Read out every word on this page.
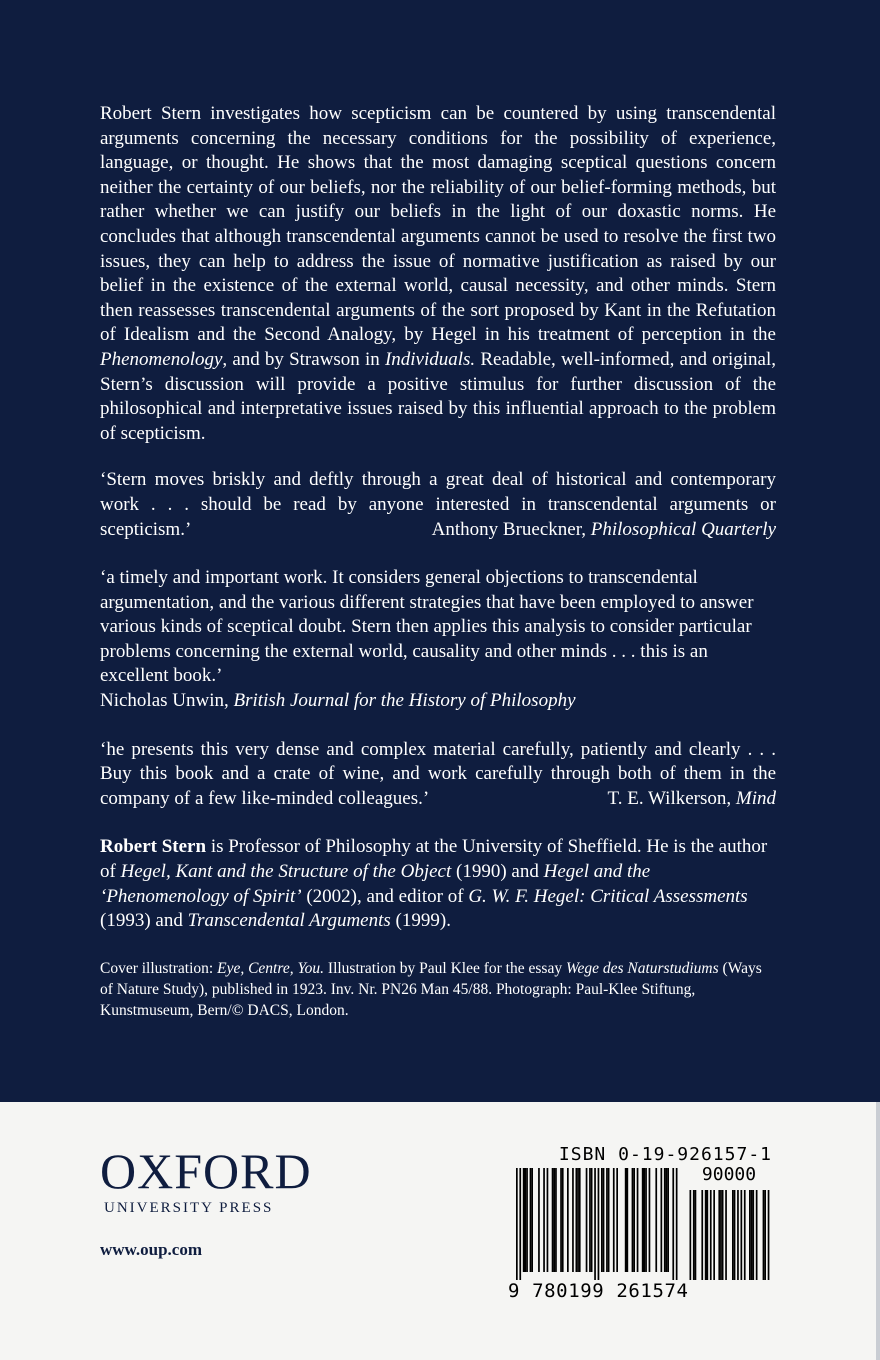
Robert Stern investigates how scepticism can be countered by using transcendental arguments concerning the necessary conditions for the possibility of experience, language, or thought. He shows that the most damaging sceptical questions concern neither the certainty of our beliefs, nor the reliability of our belief-forming methods, but rather whether we can justify our beliefs in the light of our doxastic norms. He concludes that although transcendental arguments cannot be used to resolve the first two issues, they can help to address the issue of normative justification as raised by our belief in the existence of the external world, causal necessity, and other minds. Stern then reassesses transcendental arguments of the sort proposed by Kant in the Refutation of Idealism and the Second Analogy, by Hegel in his treatment of perception in the Phenomenology, and by Strawson in Individuals. Readable, well-informed, and original, Stern’s discussion will provide a positive stimulus for further discussion of the philosophical and interpretative issues raised by this influential approach to the problem of scepticism.

‘Stern moves briskly and deftly through a great deal of historical and contemporary work . . . should be read by anyone interested in transcendental arguments or scepticism.’	Anthony Brueckner, Philosophical Quarterly

‘a timely and important work. It considers general objections to transcendental argumentation, and the various different strategies that have been employed to answer various kinds of sceptical doubt. Stern then applies this analysis to consider particular problems concerning the external world, causality and other minds . . . this is an excellent book.’

Nicholas Unwin, British Journal for the History of Philosophy

‘he presents this very dense and complex material carefully, patiently and clearly . . . Buy this book and a crate of wine, and work carefully through both of them in the company of a few like-minded colleagues.’	T. E. Wilkerson, Mind

Robert Stern is Professor of Philosophy at the University of Sheffield. He is the author of Hegel, Kant and the Structure of the Object (1990) and Hegel and the ‘Phenomenology of Spirit’ (2002), and editor of G. W. F. Hegel: Critical Assessments (1993) and Transcendental Arguments (1999).

Cover illustration: Eye, Centre, You. Illustration by Paul Klee for the essay Wege des Naturstudiums (Ways of Nature Study), published in 1923. Inv. Nr. PN26 Man 45/88. Photograph: Paul-Klee Stiftung, Kunstmuseum, Bern/© DACS, London.

OXFORD
UNIVERSITY PRESS
www.oup.com
ISBN 0-19-926157-1
90000
9 780199 261574
